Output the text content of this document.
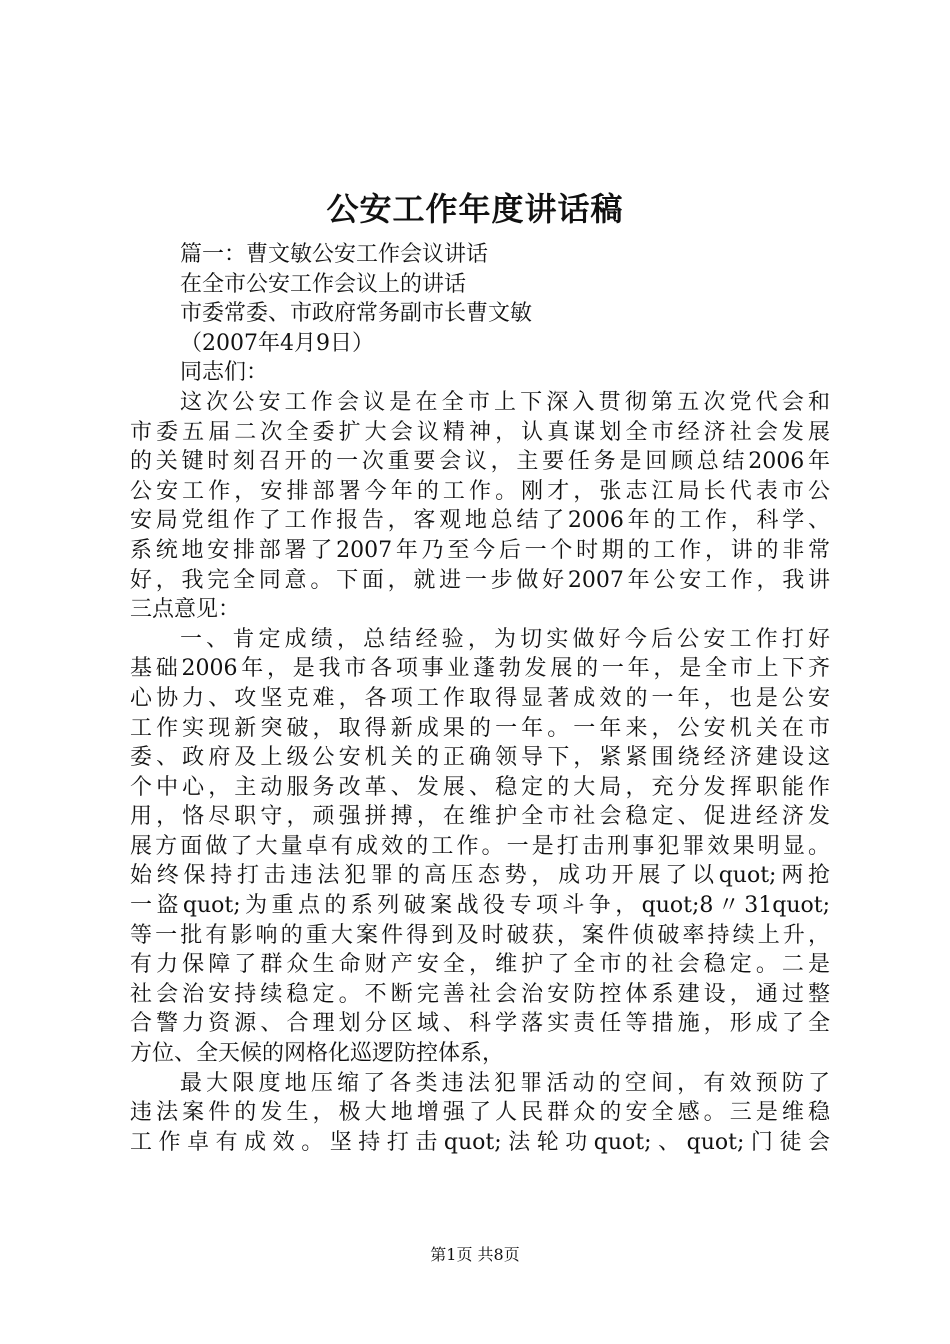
公安工作年度讲话稿
篇一：曹文敏公安工作会议讲话
在全市公安工作会议上的讲话
市委常委、市政府常务副市长曹文敏
（2007年4月9日）
同志们：
这次公安工作会议是在全市上下深入贯彻第五次党代会和
市委五届二次全委扩大会议精神，认真谋划全市经济社会发展
的关键时刻召开的一次重要会议，主要任务是回顾总结2006年
公安工作，安排部署今年的工作。刚才，张志江局长代表市公
安局党组作了工作报告，客观地总结了2006年的工作，科学、
系统地安排部署了2007年乃至今后一个时期的工作，讲的非常
好，我完全同意。下面，就进一步做好2007年公安工作，我讲
三点意见：
一、肯定成绩，总结经验，为切实做好今后公安工作打好
基础2006年，是我市各项事业蓬勃发展的一年，是全市上下齐
心协力、攻坚克难，各项工作取得显著成效的一年，也是公安
工作实现新突破，取得新成果的一年。一年来，公安机关在市
委、政府及上级公安机关的正确领导下，紧紧围绕经济建设这
个中心，主动服务改革、发展、稳定的大局，充分发挥职能作
用，恪尽职守，顽强拼搏，在维护全市社会稳定、促进经济发
展方面做了大量卓有成效的工作。一是打击刑事犯罪效果明显。
始终保持打击违法犯罪的高压态势，成功开展了以quot;两抢
一盗quot;为重点的系列破案战役专项斗争，quot;8〃31quot;
等一批有影响的重大案件得到及时破获，案件侦破率持续上升，
有力保障了群众生命财产安全，维护了全市的社会稳定。二是
社会治安持续稳定。不断完善社会治安防控体系建设，通过整
合警力资源、合理划分区域、科学落实责任等措施，形成了全
方位、全天候的网格化巡逻防控体系，
最大限度地压缩了各类违法犯罪活动的空间，有效预防了
违法案件的发生，极大地增强了人民群众的安全感。三是维稳
工作卓有成效。坚持打击quot;法轮功quot;、quot;门徒会
第1页 共8页
